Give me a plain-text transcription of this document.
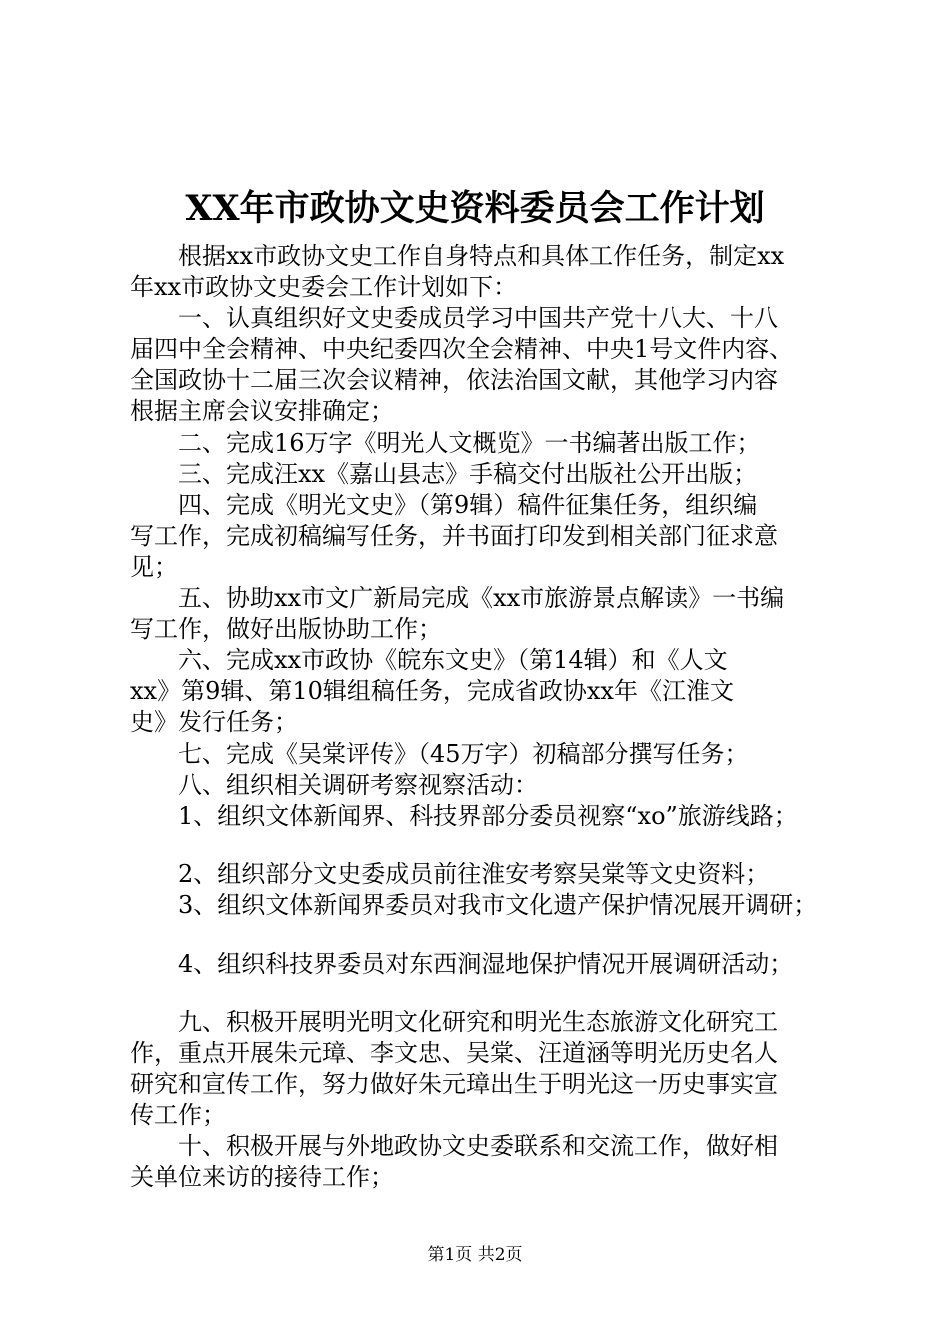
XX年市政协文史资料委员会工作计划

　　根据xx市政协文史工作自身特点和具体工作任务，制定xx

年xx市政协文史委会工作计划如下：

　　一、认真组织好文史委成员学习中国共产党十八大、十八

届四中全会精神、中央纪委四次全会精神、中央1号文件内容、

全国政协十二届三次会议精神，依法治国文献，其他学习内容

根据主席会议安排确定；

　　二、完成16万字《明光人文概览》一书编著出版工作；

　　三、完成汪xx《嘉山县志》手稿交付出版社公开出版；

　　四、完成《明光文史》（第9辑）稿件征集任务，组织编

写工作，完成初稿编写任务，并书面打印发到相关部门征求意

见；

　　五、协助xx市文广新局完成《xx市旅游景点解读》一书编

写工作，做好出版协助工作；

　　六、完成xx市政协《皖东文史》（第14辑）和《人文

xx》第9辑、第10辑组稿任务，完成省政协xx年《江淮文

史》发行任务；

　　七、完成《吴棠评传》（45万字）初稿部分撰写任务；

　　八、组织相关调研考察视察活动：

　　1、组织文体新闻界、科技界部分委员视察“xo”旅游线路；

　　2、组织部分文史委成员前往淮安考察吴棠等文史资料；

　　3、组织文体新闻界委员对我市文化遗产保护情况展开调研；

　　4、组织科技界委员对东西涧湿地保护情况开展调研活动；

　　九、积极开展明光明文化研究和明光生态旅游文化研究工

作，重点开展朱元璋、李文忠、吴棠、汪道涵等明光历史名人

研究和宣传工作，努力做好朱元璋出生于明光这一历史事实宣

传工作；

　　十、积极开展与外地政协文史委联系和交流工作，做好相

关单位来访的接待工作；

第1页 共2页
